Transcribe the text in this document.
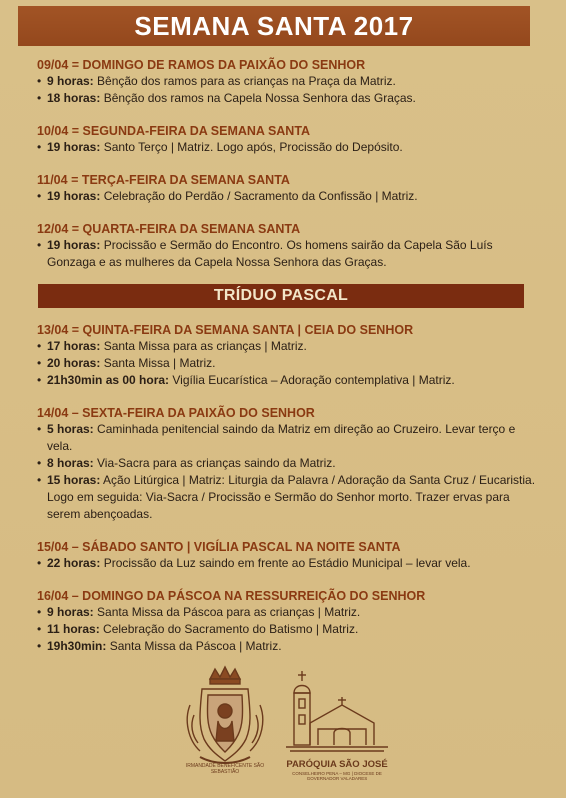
SEMANA SANTA 2017
09/04 = DOMINGO DE RAMOS DA PAIXÃO DO SENHOR
• 9 horas: Bênção dos ramos para as crianças na Praça da Matriz.
• 18 horas: Bênção dos ramos na Capela Nossa Senhora das Graças.
10/04 = SEGUNDA-FEIRA DA SEMANA SANTA
• 19 horas: Santo Terço | Matriz. Logo após, Procissão do Depósito.
11/04 = TERÇA-FEIRA DA SEMANA SANTA
• 19 horas: Celebração do Perdão / Sacramento da Confissão | Matriz.
12/04 = QUARTA-FEIRA DA SEMANA SANTA
• 19 horas: Procissão e Sermão do Encontro. Os homens sairão da Capela São Luís Gonzaga e as mulheres da Capela Nossa Senhora das Graças.
TRÍDUO PASCAL
13/04 = QUINTA-FEIRA DA SEMANA SANTA | CEIA DO SENHOR
• 17 horas: Santa Missa para as crianças | Matriz.
• 20 horas: Santa Missa | Matriz.
• 21h30min as 00 hora: Vigília Eucarística – Adoração contemplativa | Matriz.
14/04 – SEXTA-FEIRA DA PAIXÃO DO SENHOR
• 5 horas: Caminhada penitencial saindo da Matriz em direção ao Cruzeiro. Levar terço e vela.
• 8 horas: Via-Sacra para as crianças saindo da Matriz.
• 15 horas: Ação Litúrgica | Matriz: Liturgia da Palavra / Adoração da Santa Cruz / Eucaristia. Logo em seguida: Via-Sacra / Procissão e Sermão do Senhor morto. Trazer ervas para serem abençoadas.
15/04 – SÁBADO SANTO | VIGÍLIA PASCAL NA NOITE SANTA
• 22 horas: Procissão da Luz saindo em frente ao Estádio Municipal – levar vela.
16/04 – DOMINGO DA PÁSCOA NA RESSURREIÇÃO DO SENHOR
• 9 horas: Santa Missa da Páscoa para as crianças | Matriz.
• 11 horas: Celebração do Sacramento do Batismo | Matriz.
• 19h30min: Santa Missa da Páscoa | Matriz.
IRMANDADE BENEFICENTE SÃO SEBASTIÃO
PARÓQUIA SÃO JOSÉ
CONSELHEIRO PENA – MG | DIOCESE DE GOVERNADOR VALADARES
